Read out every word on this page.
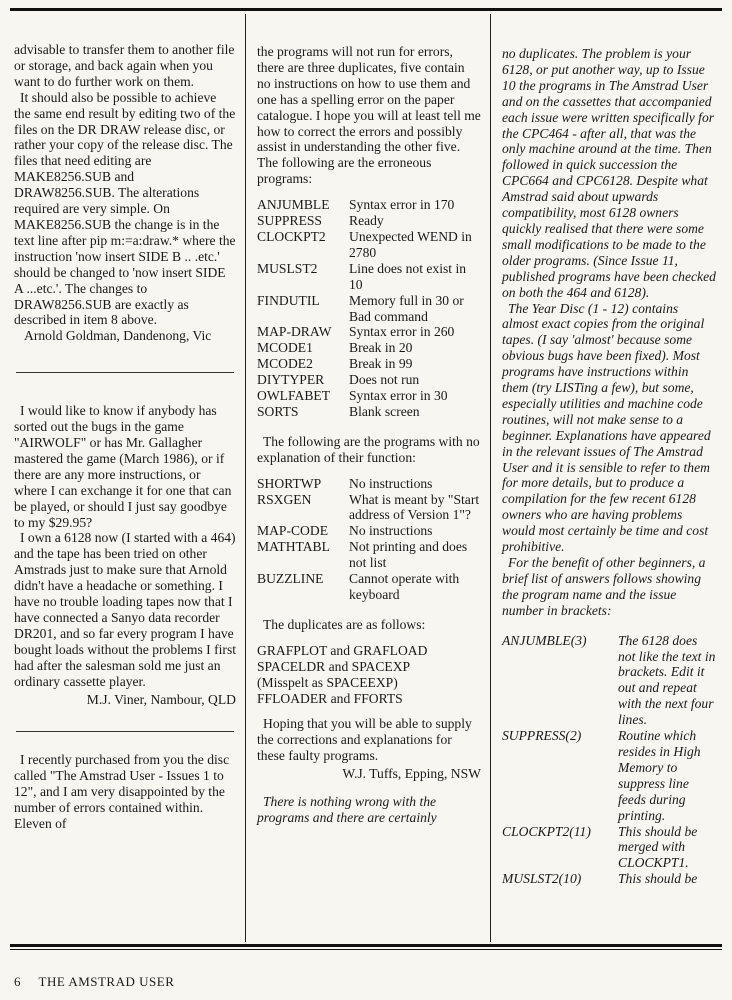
advisable to transfer them to another file or storage, and back again when you want to do further work on them.

It should also be possible to achieve the same end result by editing two of the files on the DR DRAW release disc, or rather your copy of the release disc. The files that need editing are MAKE8256.SUB and DRAW8256.SUB. The alterations required are very simple. On MAKE8256.SUB the change is in the text line after pip m:=a:draw.* where the instruction 'now insert SIDE B .. .etc.' should be changed to 'now insert SIDE A ...etc.'. The changes to DRAW8256.SUB are exactly as described in item 8 above.

Arnold Goldman, Dandenong, Vic

I would like to know if anybody has sorted out the bugs in the game "AIRWOLF" or has Mr. Gallagher mastered the game (March 1986), or if there are any more instructions, or where I can exchange it for one that can be played, or should I just say goodbye to my $29.95?

I own a 6128 now (I started with a 464) and the tape has been tried on other Amstrads just to make sure that Arnold didn't have a headache or something. I have no trouble loading tapes now that I have connected a Sanyo data recorder DR201, and so far every program I have bought loads without the problems I first had after the salesman sold me just an ordinary cassette player.

M.J. Viner, Nambour, QLD

I recently purchased from you the disc called "The Amstrad User - Issues 1 to 12", and I am very disappointed by the number of errors contained within. Eleven of

the programs will not run for errors, there are three duplicates, five contain no instructions on how to use them and one has a spelling error on the paper catalogue. I hope you will at least tell me how to correct the errors and possibly assist in understanding the other five. The following are the erroneous programs:

ANJUMBLE	Syntax error in 170
SUPPRESS	Ready
CLOCKPT2	Unexpected WEND in 2780
MUSLST2	Line does not exist in 10
FINDUTIL	Memory full in 30 or Bad command
MAP-DRAW	Syntax error in 260
MCODE1	Break in 20
MCODE2	Break in 99
DIYTYPER	Does not run
OWLFABET	Syntax error in 30
SORTS	Blank screen

The following are the programs with no explanation of their function:

SHORTWP	No instructions
RSXGEN	What is meant by "Start address of Version 1"?
MAP-CODE	No instructions
MATHTABL	Not printing and does not list
BUZZLINE	Cannot operate with keyboard

The duplicates are as follows:

GRAFPLOT and GRAFLOAD
SPACELDR and SPACEXP
(Misspelt as SPACEEXP)
FFLOADER and FFORTS

Hoping that you will be able to supply the corrections and explanations for these faulty programs.

W.J. Tuffs, Epping, NSW

There is nothing wrong with the programs and there are certainly

no duplicates. The problem is your 6128, or put another way, up to Issue 10 the programs in The Amstrad User and on the cassettes that accompanied each issue were written specifically for the CPC464 - after all, that was the only machine around at the time. Then followed in quick succession the CPC664 and CPC6128. Despite what Amstrad said about upwards compatibility, most 6128 owners quickly realised that there were some small modifications to be made to the older programs. (Since Issue 11, published programs have been checked on both the 464 and 6128).

The Year Disc (1 - 12) contains almost exact copies from the original tapes. (I say 'almost' because some obvious bugs have been fixed). Most programs have instructions within them (try LISTing a few), but some, especially utilities and machine code routines, will not make sense to a beginner. Explanations have appeared in the relevant issues of The Amstrad User and it is sensible to refer to them for more details, but to produce a compilation for the few recent 6128 owners who are having problems would most certainly be time and cost prohibitive.

For the benefit of other beginners, a brief list of answers follows showing the program name and the issue number in brackets:

ANJUMBLE(3)	The 6128 does not like the text in brackets. Edit it out and repeat with the next four lines.
SUPPRESS(2)	Routine which resides in High Memory to suppress line feeds during printing.
CLOCKPT2(11)	This should be merged with CLOCKPT1.
MUSLST2(10)	This should be
6 THE AMSTRAD USER
